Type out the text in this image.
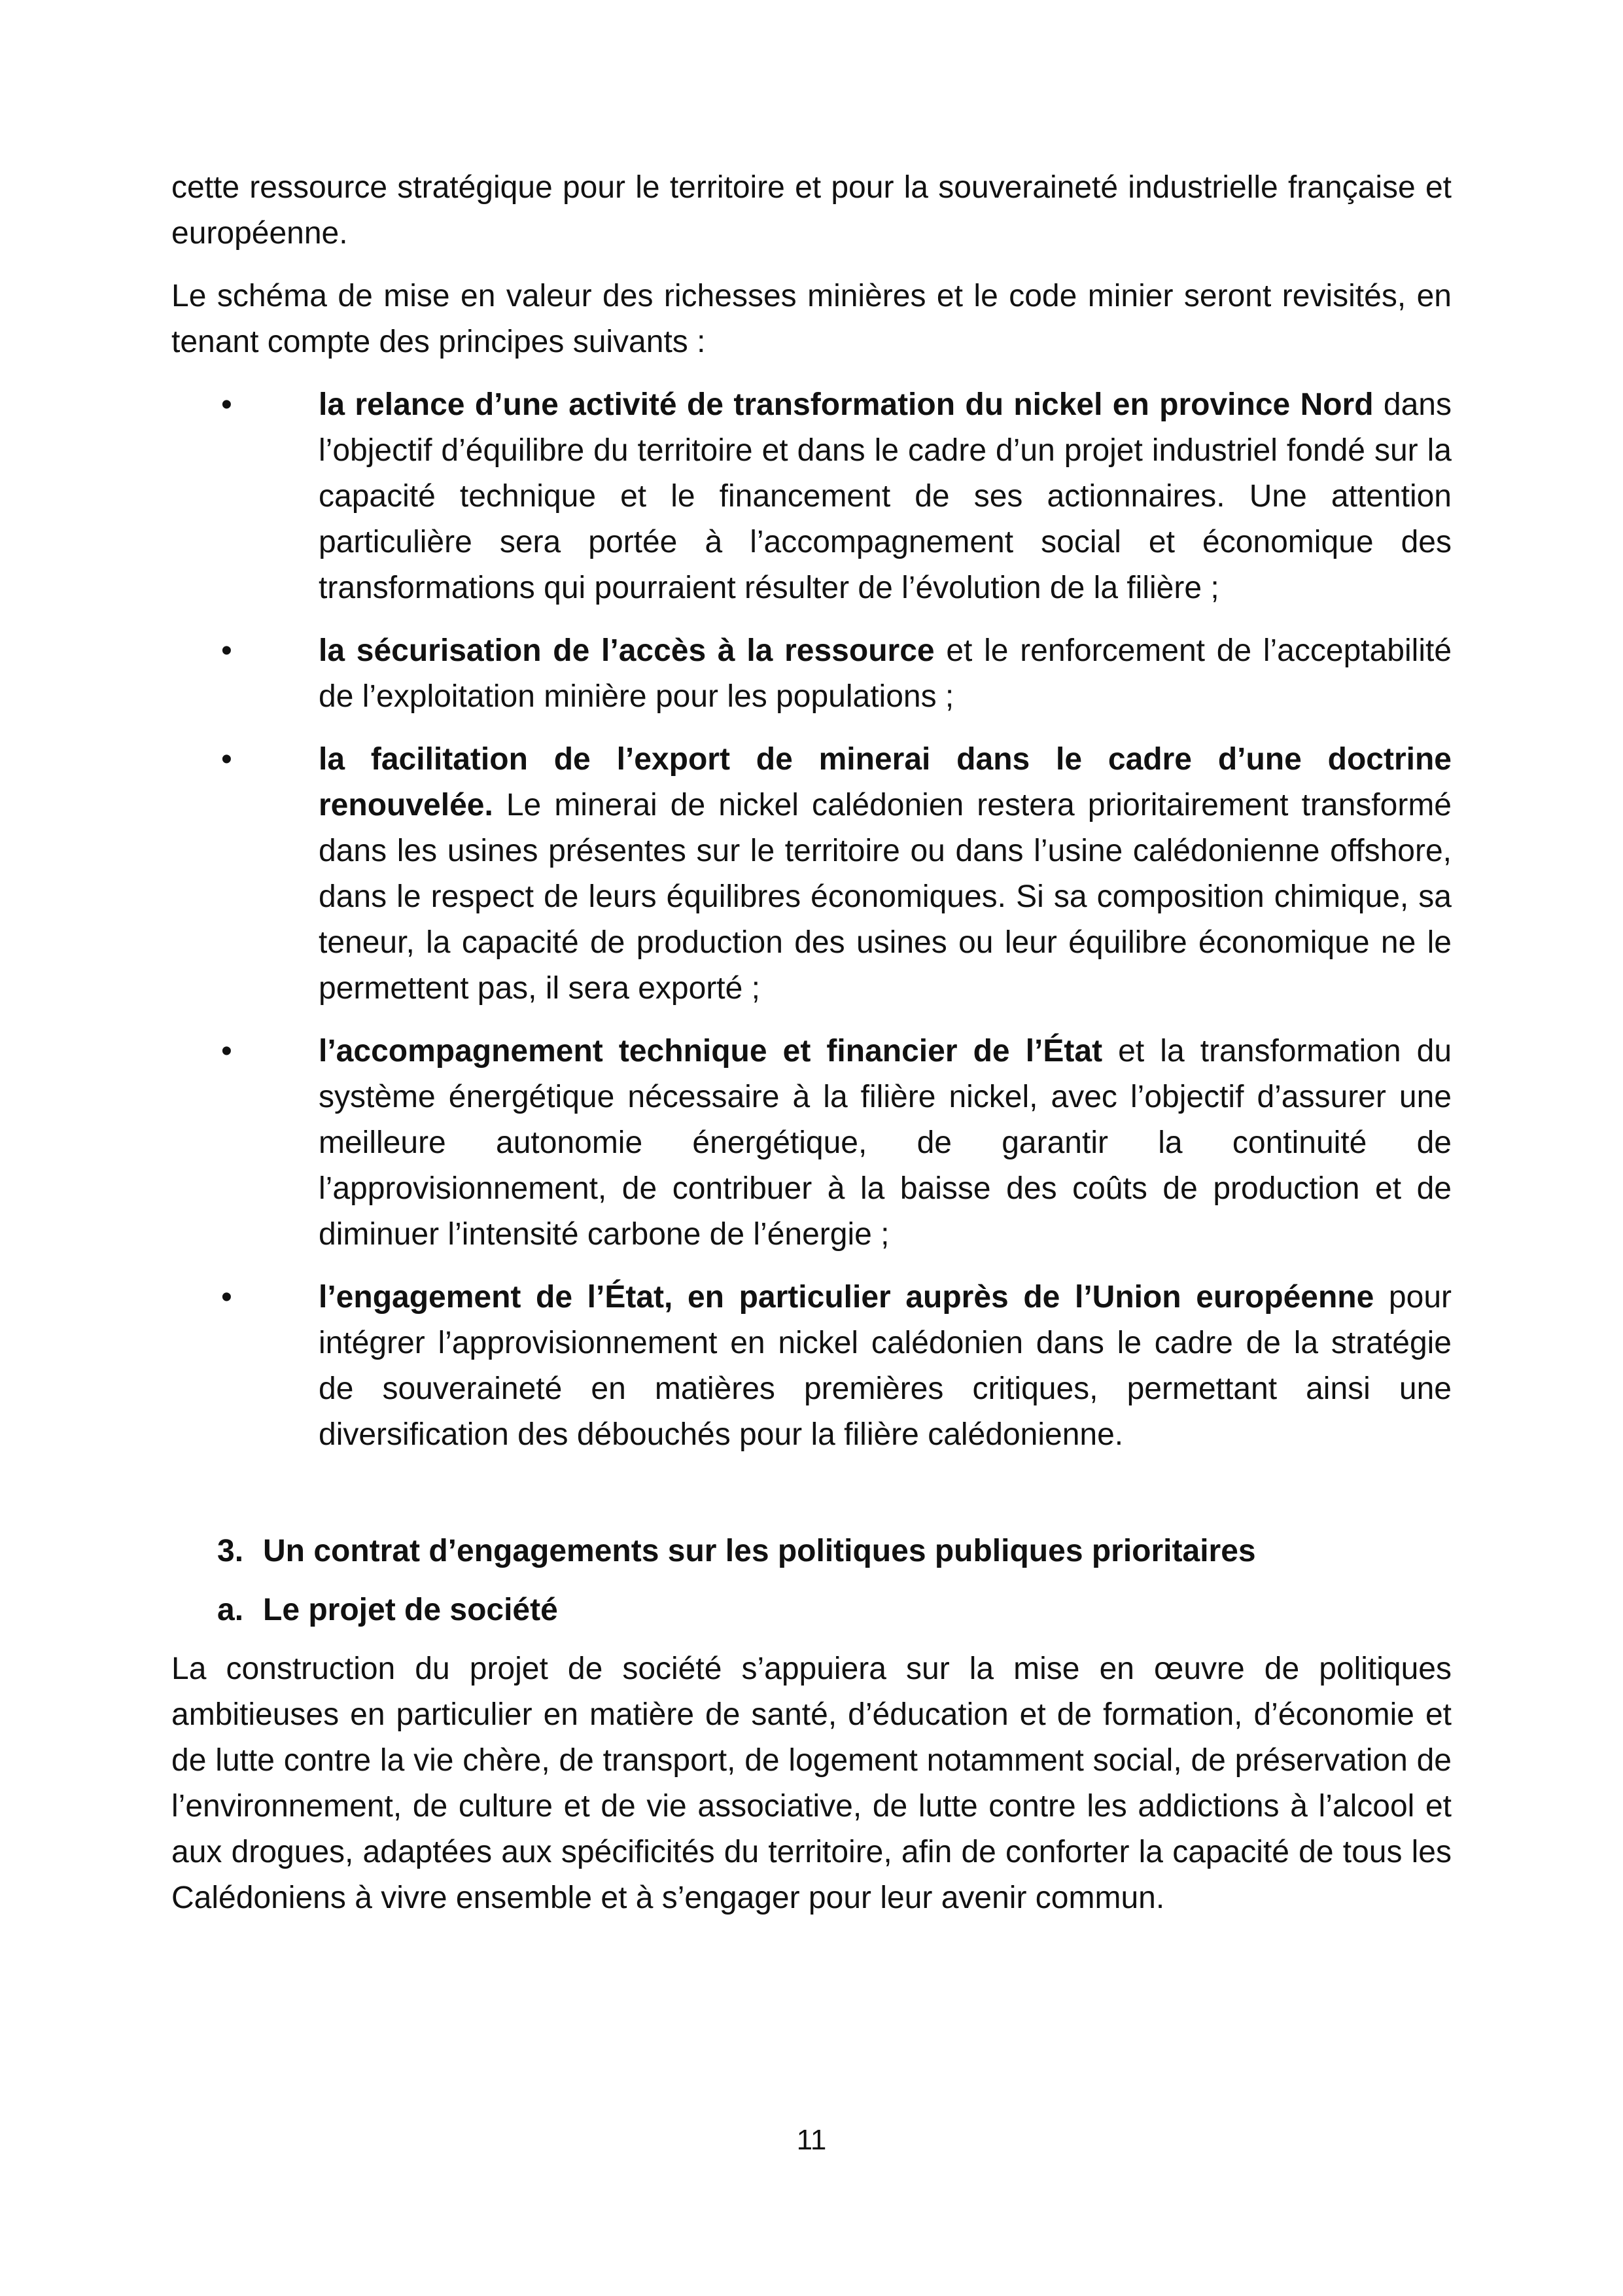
cette ressource stratégique pour le territoire et pour la souveraineté industrielle française et européenne.

Le schéma de mise en valeur des richesses minières et le code minier seront revisités, en tenant compte des principes suivants :

•	la relance d’une activité de transformation du nickel en province Nord dans l’objectif d’équilibre du territoire et dans le cadre d’un projet industriel fondé sur la capacité technique et le financement de ses actionnaires. Une attention particulière sera portée à l’accompagnement social et économique des transformations qui pourraient résulter de l’évolution de la filière ;
•	la sécurisation de l’accès à la ressource et le renforcement de l’acceptabilité de l’exploitation minière pour les populations ;
•	la facilitation de l’export de minerai dans le cadre d’une doctrine renouvelée. Le minerai de nickel calédonien restera prioritairement transformé dans les usines présentes sur le territoire ou dans l’usine calédonienne offshore, dans le respect de leurs équilibres économiques. Si sa composition chimique, sa teneur, la capacité de production des usines ou leur équilibre économique ne le permettent pas, il sera exporté ;
•	l’accompagnement technique et financier de l’État et la transformation du système énergétique nécessaire à la filière nickel, avec l’objectif d’assurer une meilleure autonomie énergétique, de garantir la continuité de l’approvisionnement, de contribuer à la baisse des coûts de production et de diminuer l’intensité carbone de l’énergie ;
•	l’engagement de l’État, en particulier auprès de l’Union européenne pour intégrer l’approvisionnement en nickel calédonien dans le cadre de la stratégie de souveraineté en matières premières critiques, permettant ainsi une diversification des débouchés pour la filière calédonienne.
3. Un contrat d’engagements sur les politiques publiques prioritaires
a. Le projet de société

La construction du projet de société s’appuiera sur la mise en œuvre de politiques ambitieuses en particulier en matière de santé, d’éducation et de formation, d’économie et de lutte contre la vie chère, de transport, de logement notamment social, de préservation de l’environnement, de culture et de vie associative, de lutte contre les addictions à l’alcool et aux drogues, adaptées aux spécificités du territoire, afin de conforter la capacité de tous les Calédoniens à vivre ensemble et à s’engager pour leur avenir commun.

11
